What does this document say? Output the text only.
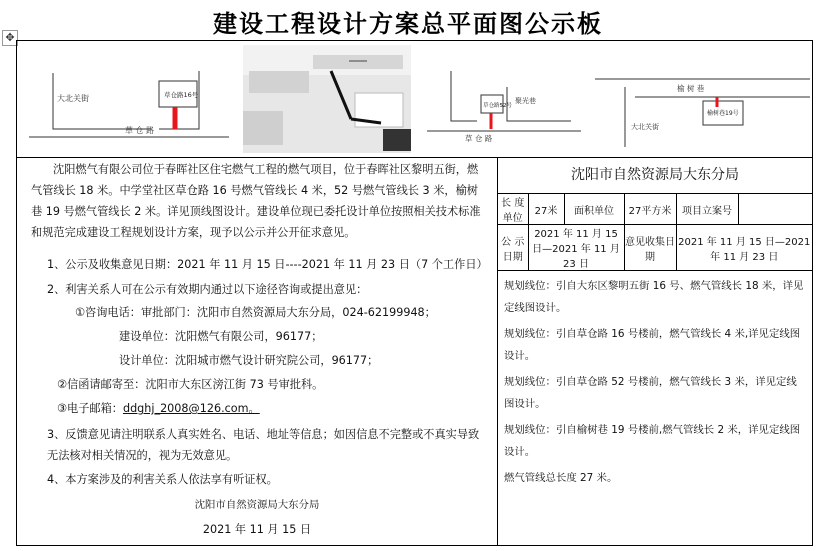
建设工程设计方案总平面图公示板
✥
大北关街	草仓路16号
草 仓 路
草仓路52号
聚光巷
草 仓 路
榆 树 巷
榆树巷19号
大北关街
沈阳燃气有限公司位于春晖社区住宅燃气工程的燃气项目，位于春晖社区黎明五街，燃气管线长 18 米。中学堂社区草仓路 16 号燃气管线长 4 米，52 号燃气管线长 3 米，榆树巷 19 号燃气管线长 2 米。详见顶线图设计。建设单位现已委托设计单位按照相关技术标准和规范完成建设工程规划设计方案，现予以公示并公开征求意见。
1、公示及收集意见日期：2021 年 11 月 15 日----2021 年 11 月 23 日（7 个工作日）
2、利害关系人可在公示有效期内通过以下途径咨询或提出意见：
①咨询电话：审批部门：沈阳市自然资源局大东分局，024-62199948；
建设单位：沈阳燃气有限公司，96177；
设计单位：沈阳城市燃气设计研究院公司，96177；
②信函请邮寄至：沈阳市大东区滂江街 73 号审批科。
③电子邮箱：ddghj_2008@126.com。
3、反馈意见请注明联系人真实姓名、电话、地址等信息；如因信息不完整或不真实导致无法核对相关情况的，视为无效意见。
4、本方案涉及的利害关系人依法享有听证权。
沈阳市自然资源局大东分局
2021 年 11 月 15 日
沈阳市自然资源局大东分局
长 度单位	27米	面积单位	27平方米	项目立案号	
公 示日期	2021 年 11 月 15 日—2021 年 11 月 23 日		意见收集日期	2021 年 11 月 15 日—2021 年 11 月 23 日	
规划线位：引自大东区黎明五街 16 号、燃气管线长 18 米，详见定线图设计。
规划线位：引自草仓路 16 号楼前，燃气管线长 4 米,详见定线图设计。
规划线位：引自草仓路 52 号楼前，燃气管线长 3 米，详见定线图设计。
规划线位：引自榆树巷 19 号楼前,燃气管线长 2 米，详见定线图设计。
燃气管线总长度 27 米。
